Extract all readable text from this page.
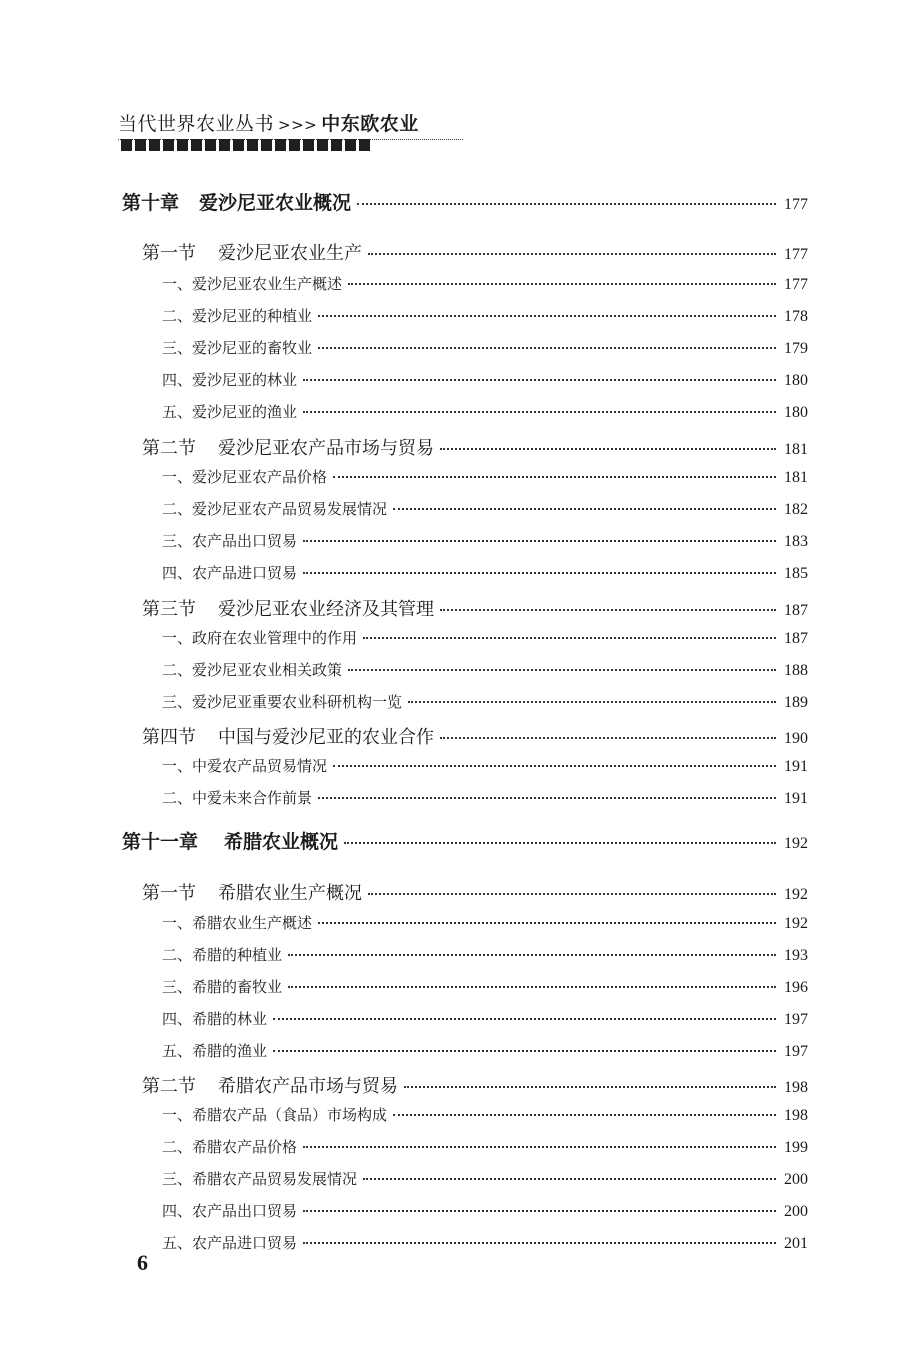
当代世界农业丛书 >>> 中东欧农业
第十章 爱沙尼亚农业概况	177
第一节 爱沙尼亚农业生产	177
一、爱沙尼亚农业生产概述	177
二、爱沙尼亚的种植业	178
三、爱沙尼亚的畜牧业	179
四、爱沙尼亚的林业	180
五、爱沙尼亚的渔业	180
第二节 爱沙尼亚农产品市场与贸易	181
一、爱沙尼亚农产品价格	181
二、爱沙尼亚农产品贸易发展情况	182
三、农产品出口贸易	183
四、农产品进口贸易	185
第三节 爱沙尼亚农业经济及其管理	187
一、政府在农业管理中的作用	187
二、爱沙尼亚农业相关政策	188
三、爱沙尼亚重要农业科研机构一览	189
第四节 中国与爱沙尼亚的农业合作	190
一、中爱农产品贸易情况	191
二、中爱未来合作前景	191
第十一章 希腊农业概况	192
第一节 希腊农业生产概况	192
一、希腊农业生产概述	192
二、希腊的种植业	193
三、希腊的畜牧业	196
四、希腊的林业	197
五、希腊的渔业	197
第二节 希腊农产品市场与贸易	198
一、希腊农产品（食品）市场构成	198
二、希腊农产品价格	199
三、希腊农产品贸易发展情况	200
四、农产品出口贸易	200
五、农产品进口贸易	201
6
